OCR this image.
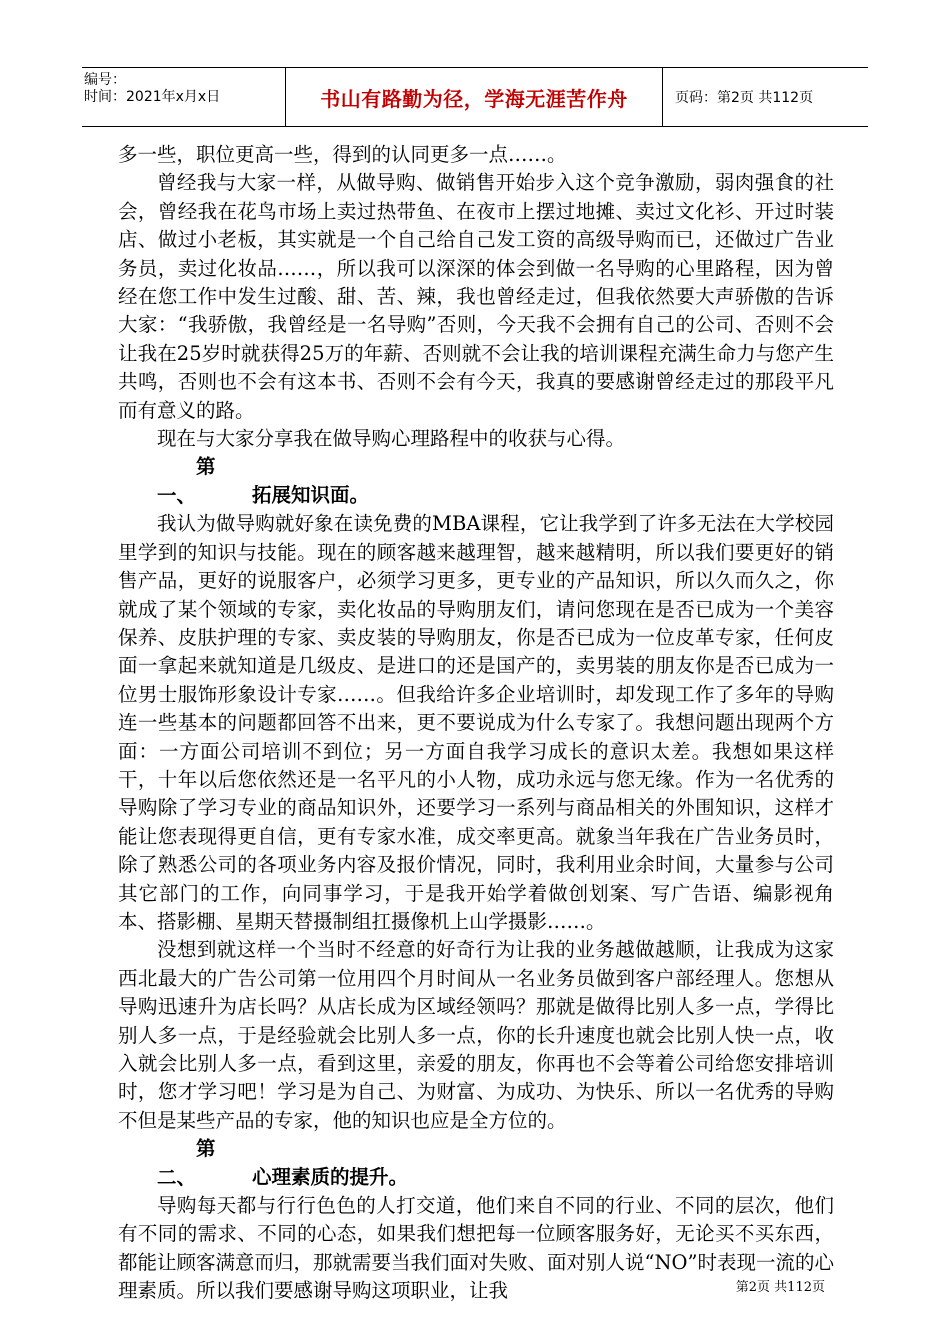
编号：
时间：2021年x月x日	书山有路勤为径，学海无涯苦作舟	页码：第2页 共112页

多一些，职位更高一些，得到的认同更多一点……。

曾经我与大家一样，从做导购、做销售开始步入这个竞争激励，弱肉强食的社会，曾经我在花鸟市场上卖过热带鱼、在夜市上摆过地摊、卖过文化衫、开过时装店、做过小老板，其实就是一个自己给自己发工资的高级导购而已，还做过广告业务员，卖过化妆品……，所以我可以深深的体会到做一名导购的心里路程，因为曾经在您工作中发生过酸、甜、苦、辣，我也曾经走过，但我依然要大声骄傲的告诉大家：“我骄傲，我曾经是一名导购”否则，今天我不会拥有自己的公司、否则不会让我在25岁时就获得25万的年薪、否则就不会让我的培训课程充满生命力与您产生共鸣，否则也不会有这本书、否则不会有今天，我真的要感谢曾经走过的那段平凡而有意义的路。

现在与大家分享我在做导购心理路程中的收获与心得。

第一、	拓展知识面。

我认为做导购就好象在读免费的MBA课程，它让我学到了许多无法在大学校园里学到的知识与技能。现在的顾客越来越理智，越来越精明，所以我们要更好的销售产品，更好的说服客户，必须学习更多，更专业的产品知识，所以久而久之，你就成了某个领域的专家，卖化妆品的导购朋友们，请问您现在是否已成为一个美容保养、皮肤护理的专家、卖皮装的导购朋友，你是否已成为一位皮革专家，任何皮面一拿起来就知道是几级皮、是进口的还是国产的，卖男装的朋友你是否已成为一位男士服饰形象设计专家……。但我给许多企业培训时，却发现工作了多年的导购连一些基本的问题都回答不出来，更不要说成为什么专家了。我想问题出现两个方面：一方面公司培训不到位；另一方面自我学习成长的意识太差。我想如果这样干，十年以后您依然还是一名平凡的小人物，成功永远与您无缘。作为一名优秀的导购除了学习专业的商品知识外，还要学习一系列与商品相关的外围知识，这样才能让您表现得更自信，更有专家水准，成交率更高。就象当年我在广告业务员时，除了熟悉公司的各项业务内容及报价情况，同时，我利用业余时间，大量参与公司其它部门的工作，向同事学习，于是我开始学着做创划案、写广告语、编影视角本、搭影棚、星期天替摄制组扛摄像机上山学摄影……。

没想到就这样一个当时不经意的好奇行为让我的业务越做越顺，让我成为这家西北最大的广告公司第一位用四个月时间从一名业务员做到客户部经理人。您想从导购迅速升为店长吗？从店长成为区域经领吗？那就是做得比别人多一点，学得比别人多一点，于是经验就会比别人多一点，你的长升速度也就会比别人快一点，收入就会比别人多一点，看到这里，亲爱的朋友，你再也不会等着公司给您安排培训时，您才学习吧！学习是为自己、为财富、为成功、为快乐、所以一名优秀的导购不但是某些产品的专家，他的知识也应是全方位的。

第二、	心理素质的提升。

导购每天都与行行色色的人打交道，他们来自不同的行业、不同的层次，他们有不同的需求、不同的心态，如果我们想把每一位顾客服务好，无论买不买东西，都能让顾客满意而归，那就需要当我们面对失败、面对别人说“NO”时表现一流的心理素质。所以我们要感谢导购这项职业，让我	第2页 共112页
